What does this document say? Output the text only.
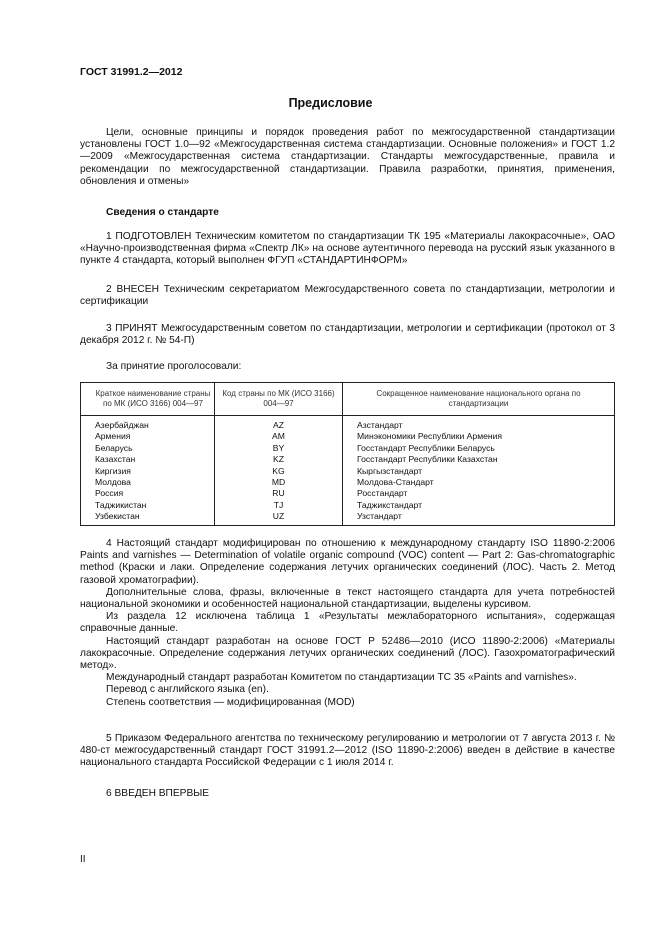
ГОСТ 31991.2—2012
Предисловие

Цели, основные принципы и порядок проведения работ по межгосударственной стандартизации установлены ГОСТ 1.0—92 «Межгосударственная система стандартизации. Основные положения» и ГОСТ 1.2—2009 «Межгосударственная система стандартизации. Стандарты межгосударственные, правила и рекомендации по межгосударственной стандартизации. Правила разработки, принятия, применения, обновления и отмены»

Сведения о стандарте

1 ПОДГОТОВЛЕН Техническим комитетом по стандартизации ТК 195 «Материалы лакокрасочные», ОАО «Научно-производственная фирма «Спектр ЛК» на основе аутентичного перевода на русский язык указанного в пункте 4 стандарта, который выполнен ФГУП «СТАНДАРТИНФОРМ»

2 ВНЕСЕН Техническим секретариатом Межгосударственного совета по стандартизации, метрологии и сертификации

3 ПРИНЯТ Межгосударственным советом по стандартизации, метрологии и сертификации (протокол от 3 декабря 2012 г. № 54-П)

За принятие проголосовали:

Краткое наименование страны по МК (ИСО 3166) 004—97	Код страны по МК (ИСО 3166) 004—97	Сокращенное наименование национального органа по стандартизации
Азербайджан	AZ	Азстандарт
Армения	AM	Минэкономики Республики Армения
Беларусь	BY	Госстандарт Республики Беларусь
Казахстан	KZ	Госстандарт Республики Казахстан
Киргизия	KG	Кыргызстандарт
Молдова	MD	Молдова-Стандарт
Россия	RU	Росстандарт
Таджикистан	TJ	Таджикстандарт
Узбекистан	UZ	Узстандарт

4 Настоящий стандарт модифицирован по отношению к международному стандарту ISO 11890-2:2006 Paints and varnishes — Determination of volatile organic compound (VOC) content — Part 2: Gas-chromatographic method (Краски и лаки. Определение содержания летучих органических соединений (ЛОС). Часть 2. Метод газовой хроматографии).

Дополнительные слова, фразы, включенные в текст настоящего стандарта для учета потребностей национальной экономики и особенностей национальной стандартизации, выделены курсивом.

Из раздела 12 исключена таблица 1 «Результаты межлабораторного испытания», содержащая справочные данные.

Настоящий стандарт разработан на основе ГОСТ Р 52486—2010 (ИСО 11890-2:2006) «Материалы лакокрасочные. Определение содержания летучих органических соединений (ЛОС). Газохроматографический метод».

Международный стандарт разработан Комитетом по стандартизации ТС 35 «Paints and varnishes».

Перевод с английского языка (en).

Степень соответствия — модифицированная (MOD)

5 Приказом Федерального агентства по техническому регулированию и метрологии от 7 августа 2013 г. № 480-ст межгосударственный стандарт ГОСТ 31991.2—2012 (ISO 11890-2:2006) введен в действие в качестве национального стандарта Российской Федерации с 1 июля 2014 г.

6 ВВЕДЕН ВПЕРВЫЕ

II
